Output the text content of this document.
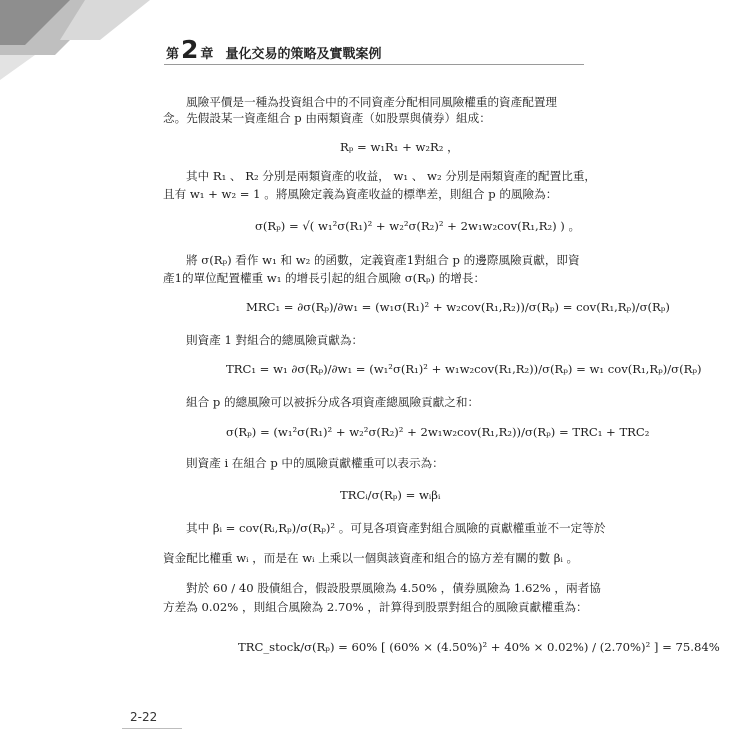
第 2 章 量化交易的策略及實戰案例
風險平價是一種為投資組合中的不同資產分配相同風險權重的資產配置理
念。先假設某一資產組合 p 由兩類資產（如股票與債券）組成：
Rₚ = w₁R₁ + w₂R₂ ，
其中 R₁ 、 R₂ 分別是兩類資產的收益， w₁ 、 w₂ 分別是兩類資產的配置比重，
且有 w₁ + w₂ = 1 。將風險定義為資產收益的標準差，則組合 p 的風險為：
σ(Rₚ) = √( w₁²σ(R₁)² + w₂²σ(R₂)² + 2w₁w₂cov(R₁,R₂) ) 。
將 σ(Rₚ) 看作 w₁ 和 w₂ 的函數，定義資產1對組合 p 的邊際風險貢獻，即資
產1的單位配置權重 w₁ 的增長引起的組合風險 σ(Rₚ) 的增長：
MRC₁ = ∂σ(Rₚ)/∂w₁ = (w₁σ(R₁)² + w₂cov(R₁,R₂))/σ(Rₚ) = cov(R₁,Rₚ)/σ(Rₚ)
則資產 1 對組合的總風險貢獻為：
TRC₁ = w₁ ∂σ(Rₚ)/∂w₁ = (w₁²σ(R₁)² + w₁w₂cov(R₁,R₂))/σ(Rₚ) = w₁ cov(R₁,Rₚ)/σ(Rₚ)
組合 p 的總風險可以被拆分成各項資產總風險貢獻之和：
σ(Rₚ) = (w₁²σ(R₁)² + w₂²σ(R₂)² + 2w₁w₂cov(R₁,R₂))/σ(Rₚ) = TRC₁ + TRC₂
則資產 i 在組合 p 中的風險貢獻權重可以表示為：
TRCᵢ/σ(Rₚ) = wᵢβᵢ
其中 βᵢ = cov(Rᵢ,Rₚ)/σ(Rₚ)² 。可見各項資產對組合風險的貢獻權重並不一定等於
資金配比權重 wᵢ ，而是在 wᵢ 上乘以一個與該資產和組合的協方差有關的數 βᵢ 。
對於 60 / 40 股債組合，假設股票風險為 4.50% ，債券風險為 1.62% ，兩者協
方差為 0.02% ，則組合風險為 2.70% ，計算得到股票對組合的風險貢獻權重為：
TRC_stock/σ(Rₚ) = 60% [ (60% × (4.50%)² + 40% × 0.02%) / (2.70%)² ] = 75.84%
2-22
